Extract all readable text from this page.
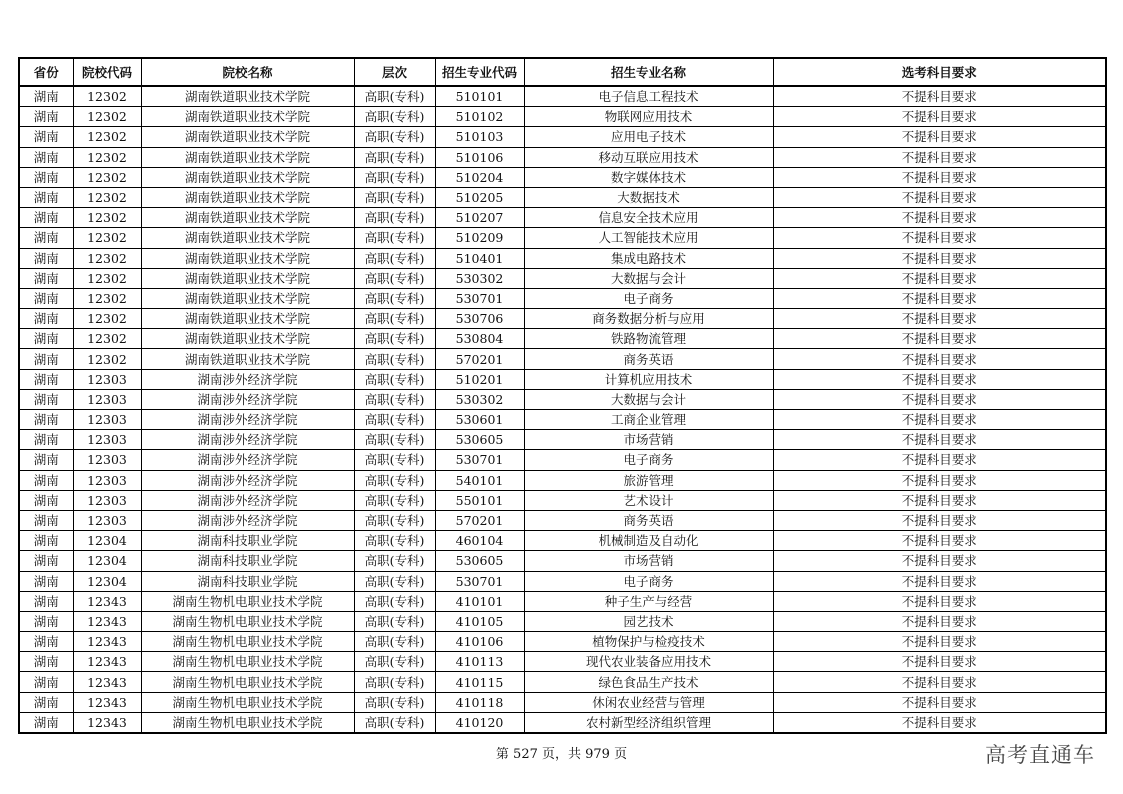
省份	院校代码	院校名称	层次	招生专业代码	招生专业名称	选考科目要求
湖南	12302	湖南铁道职业技术学院	高职(专科)	510101	电子信息工程技术	不提科目要求
湖南	12302	湖南铁道职业技术学院	高职(专科)	510102	物联网应用技术	不提科目要求
湖南	12302	湖南铁道职业技术学院	高职(专科)	510103	应用电子技术	不提科目要求
湖南	12302	湖南铁道职业技术学院	高职(专科)	510106	移动互联应用技术	不提科目要求
湖南	12302	湖南铁道职业技术学院	高职(专科)	510204	数字媒体技术	不提科目要求
湖南	12302	湖南铁道职业技术学院	高职(专科)	510205	大数据技术	不提科目要求
湖南	12302	湖南铁道职业技术学院	高职(专科)	510207	信息安全技术应用	不提科目要求
湖南	12302	湖南铁道职业技术学院	高职(专科)	510209	人工智能技术应用	不提科目要求
湖南	12302	湖南铁道职业技术学院	高职(专科)	510401	集成电路技术	不提科目要求
湖南	12302	湖南铁道职业技术学院	高职(专科)	530302	大数据与会计	不提科目要求
湖南	12302	湖南铁道职业技术学院	高职(专科)	530701	电子商务	不提科目要求
湖南	12302	湖南铁道职业技术学院	高职(专科)	530706	商务数据分析与应用	不提科目要求
湖南	12302	湖南铁道职业技术学院	高职(专科)	530804	铁路物流管理	不提科目要求
湖南	12302	湖南铁道职业技术学院	高职(专科)	570201	商务英语	不提科目要求
湖南	12303	湖南涉外经济学院	高职(专科)	510201	计算机应用技术	不提科目要求
湖南	12303	湖南涉外经济学院	高职(专科)	530302	大数据与会计	不提科目要求
湖南	12303	湖南涉外经济学院	高职(专科)	530601	工商企业管理	不提科目要求
湖南	12303	湖南涉外经济学院	高职(专科)	530605	市场营销	不提科目要求
湖南	12303	湖南涉外经济学院	高职(专科)	530701	电子商务	不提科目要求
湖南	12303	湖南涉外经济学院	高职(专科)	540101	旅游管理	不提科目要求
湖南	12303	湖南涉外经济学院	高职(专科)	550101	艺术设计	不提科目要求
湖南	12303	湖南涉外经济学院	高职(专科)	570201	商务英语	不提科目要求
湖南	12304	湖南科技职业学院	高职(专科)	460104	机械制造及自动化	不提科目要求
湖南	12304	湖南科技职业学院	高职(专科)	530605	市场营销	不提科目要求
湖南	12304	湖南科技职业学院	高职(专科)	530701	电子商务	不提科目要求
湖南	12343	湖南生物机电职业技术学院	高职(专科)	410101	种子生产与经营	不提科目要求
湖南	12343	湖南生物机电职业技术学院	高职(专科)	410105	园艺技术	不提科目要求
湖南	12343	湖南生物机电职业技术学院	高职(专科)	410106	植物保护与检疫技术	不提科目要求
湖南	12343	湖南生物机电职业技术学院	高职(专科)	410113	现代农业装备应用技术	不提科目要求
湖南	12343	湖南生物机电职业技术学院	高职(专科)	410115	绿色食品生产技术	不提科目要求
湖南	12343	湖南生物机电职业技术学院	高职(专科)	410118	休闲农业经营与管理	不提科目要求
湖南	12343	湖南生物机电职业技术学院	高职(专科)	410120	农村新型经济组织管理	不提科目要求
第 527 页，共 979 页	高考直通车
